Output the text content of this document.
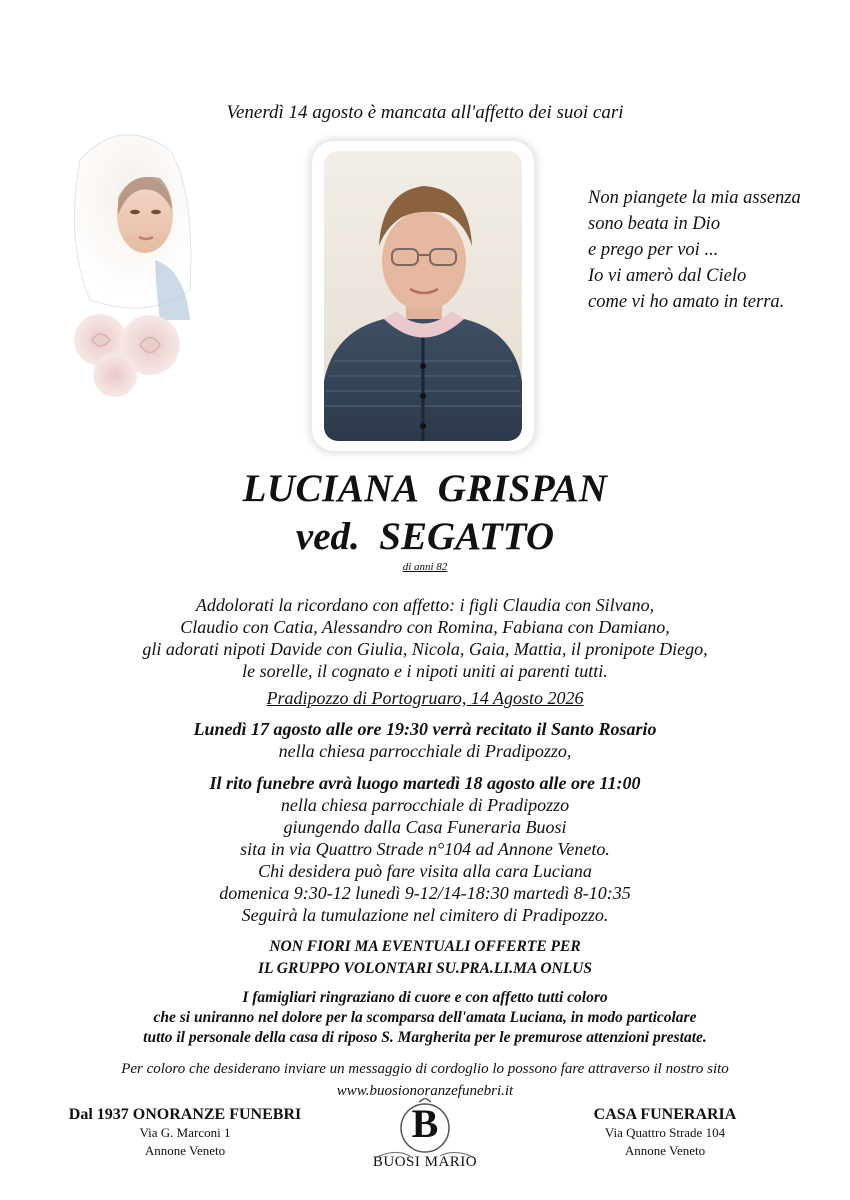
Venerdì 14 agosto è mancata all'affetto dei suoi cari
Non piangete la mia assenza
sono beata in Dio
e prego per voi ...
Io vi amerò dal Cielo
come vi ho amato in terra.
LUCIANA  GRISPAN
ved.  SEGATTO
di anni 82
Addolorati la ricordano con affetto: i figli Claudia con Silvano,
Claudio con Catia, Alessandro con Romina, Fabiana con Damiano,
gli adorati nipoti Davide con Giulia, Nicola, Gaia, Mattia, il pronipote Diego,
le sorelle, il cognato e i nipoti uniti ai parenti tutti.
Pradipozzo di Portogruaro, 14 Agosto 2026
Lunedì 17 agosto alle ore 19:30 verrà recitato il Santo Rosario
nella chiesa parrocchiale di Pradipozzo,
Il rito funebre avrà luogo martedì 18 agosto alle ore 11:00
nella chiesa parrocchiale di Pradipozzo
giungendo dalla Casa Funeraria Buosi
sita in via Quattro Strade n°104 ad Annone Veneto.
Chi desidera può fare visita alla cara Luciana
domenica 9:30-12 lunedì 9-12/14-18:30 martedì 8-10:35
Seguirà la tumulazione nel cimitero di Pradipozzo.
NON FIORI MA EVENTUALI OFFERTE PER
IL GRUPPO VOLONTARI SU.PRA.LI.MA ONLUS
I famigliari ringraziano di cuore e con affetto tutti coloro
che si uniranno nel dolore per la scomparsa dell'amata Luciana, in modo particolare
tutto il personale della casa di riposo S. Margherita per le premurose attenzioni prestate.
Per coloro che desiderano inviare un messaggio di cordoglio lo possono fare attraverso il nostro sito
www.buosionoranzefunebri.it
Dal 1937 ONORANZE FUNEBRI
Via G. Marconi 1
Annone Veneto
B
BUOSI MARIO
CASA FUNERARIA
Via Quattro Strade 104
Annone Veneto
